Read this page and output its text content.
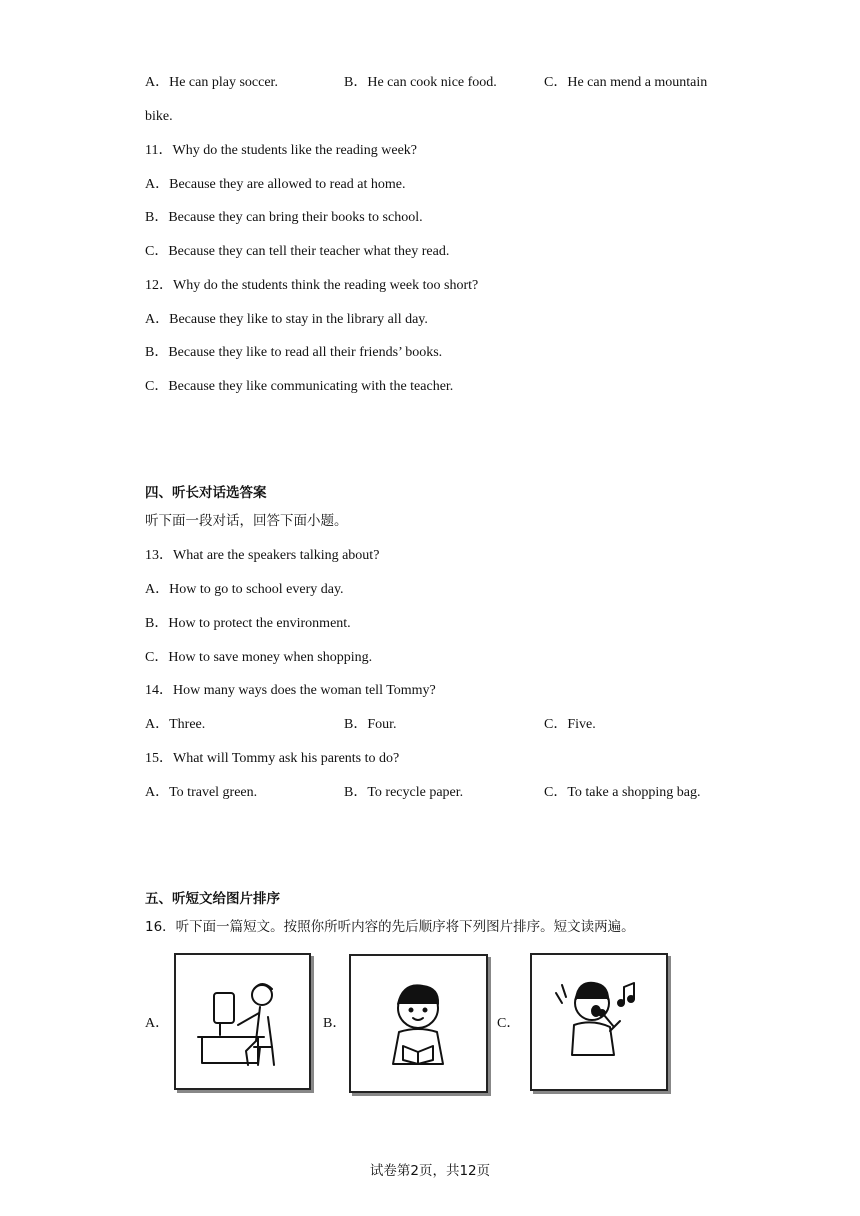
A．He can play soccer.	B．He can cook nice food.	C．He can mend a mountain
bike.
11．Why do the students like the reading week?
A．Because they are allowed to read at home.
B．Because they can bring their books to school.
C．Because they can tell their teacher what they read.
12．Why do the students think the reading week too short?
A．Because they like to stay in the library all day.
B．Because they like to read all their friends’ books.
C．Because they like communicating with the teacher.
四、听长对话选答案
听下面一段对话，回答下面小题。
13．What are the speakers talking about?
A．How to go to school every day.
B．How to protect the environment.
C．How to save money when shopping.
14．How many ways does the woman tell Tommy?
A．Three.	B．Four.	C．Five.
15．What will Tommy ask his parents to do?
A．To travel green.	B．To recycle paper.	C．To take a shopping bag.
五、听短文给图片排序
16．听下面一篇短文。按照你所听内容的先后顺序将下列图片排序。短文读两遍。
A．	B．	C．
试卷第2页，共12页
